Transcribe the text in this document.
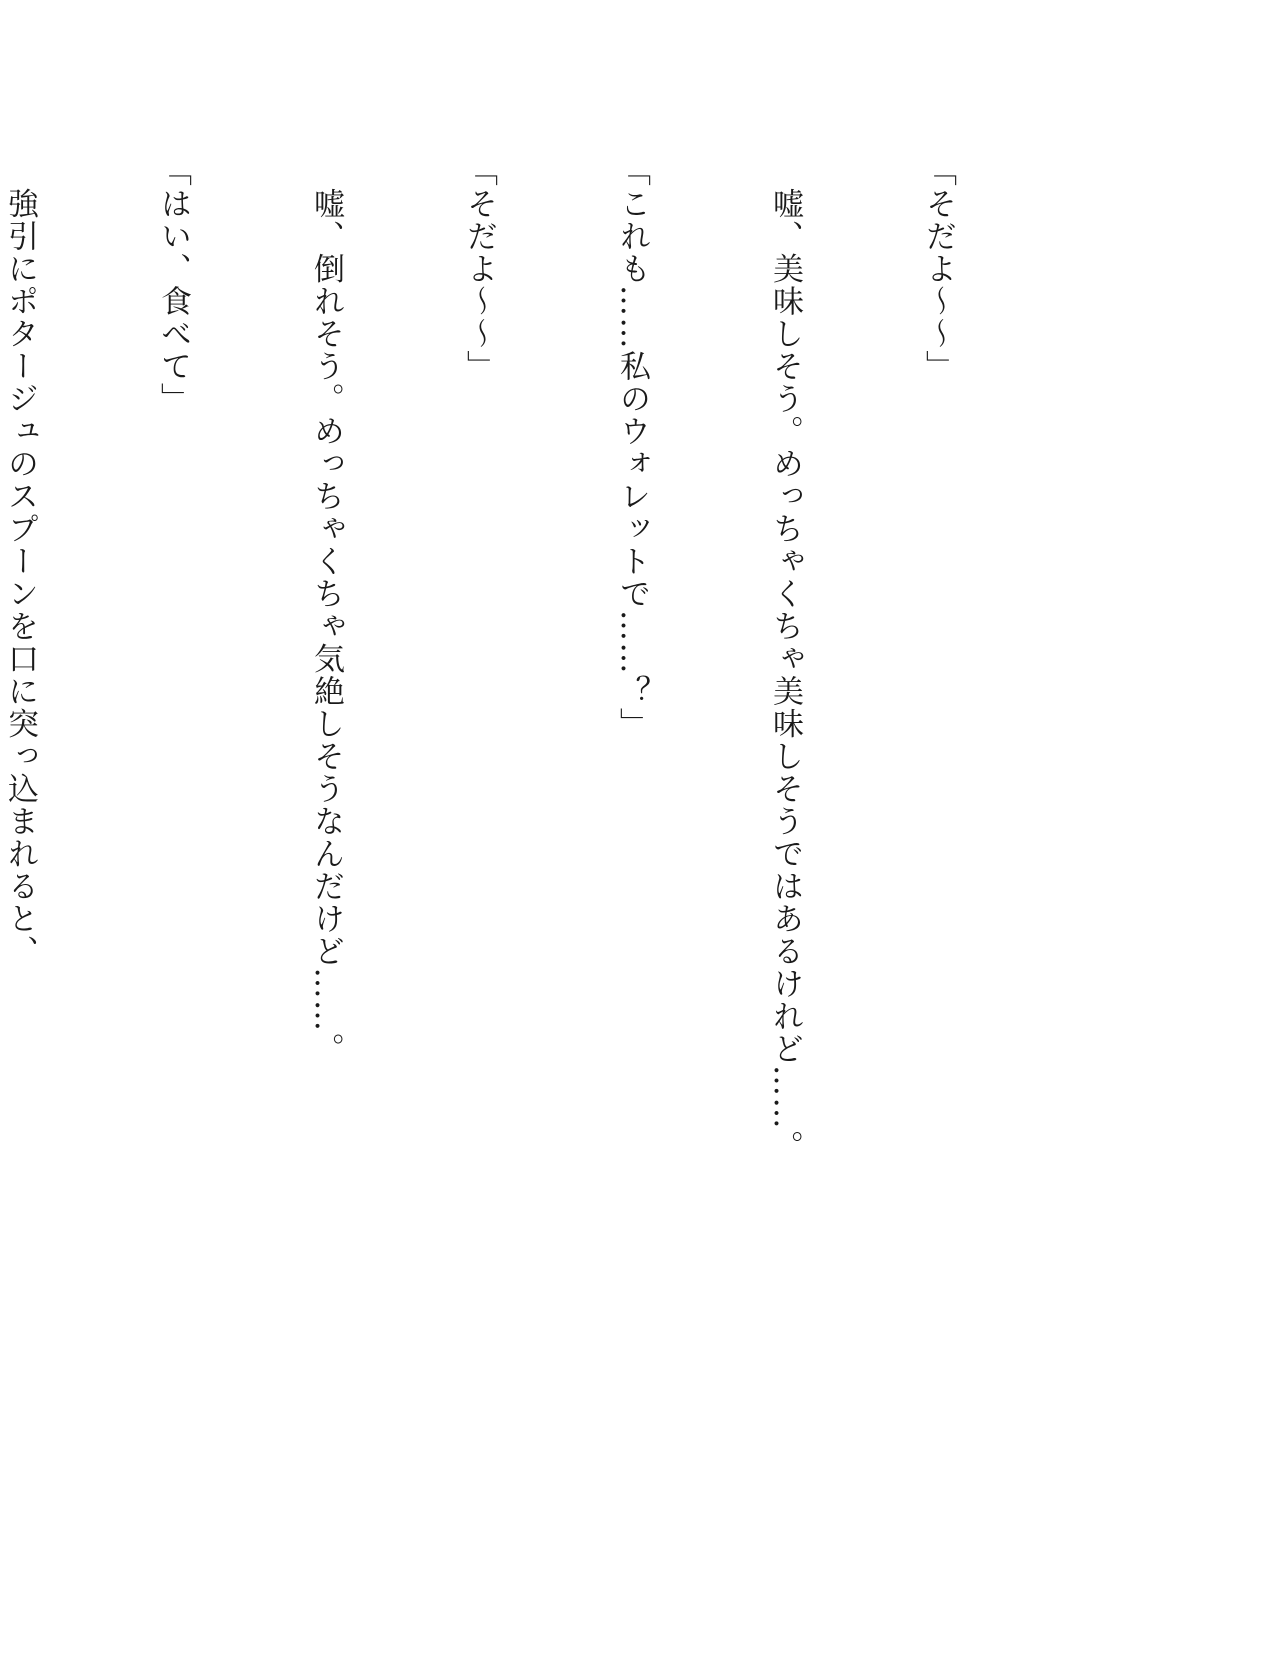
「そだよ〜〜」

　嘘、美味しそう。めっちゃくちゃ美味しそうではあるけれど……。

「これも……私のウォレットで……？」

「そだよ〜〜」

　嘘、倒れそう。めっちゃくちゃ気絶しそうなんだけど……。

「はい、食べて」

　強引にポタージュのスプーンを口に突っ込まれると、
